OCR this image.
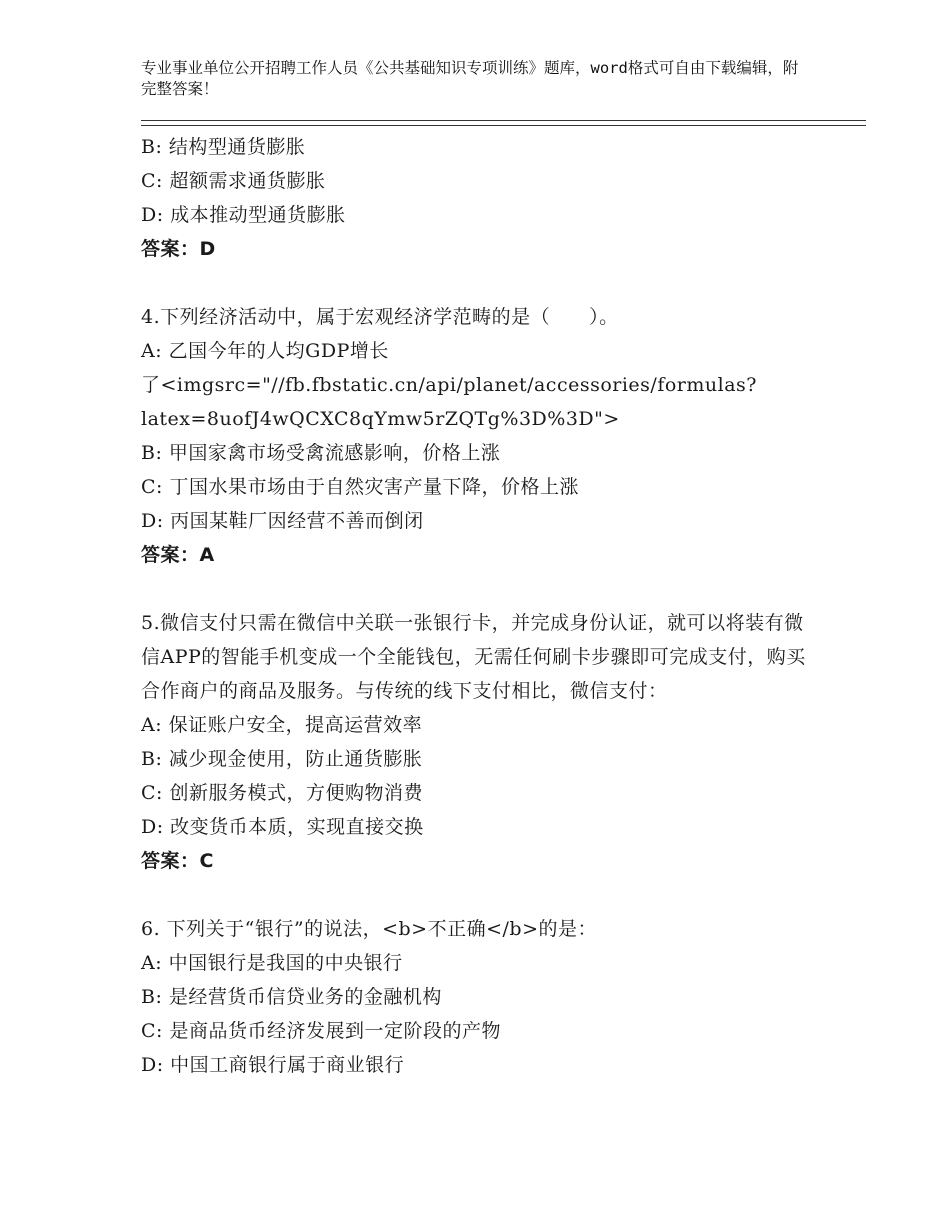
专业事业单位公开招聘工作人员《公共基础知识专项训练》题库，word格式可自由下载编辑，附完整答案！
B: 结构型通货膨胀
C: 超额需求通货膨胀
D: 成本推动型通货膨胀
答案：D
4.下列经济活动中，属于宏观经济学范畴的是（　　）。
A: 乙国今年的人均GDP增长
了<imgsrc="//fb.fbstatic.cn/api/planet/accessories/formulas?
latex=8uofJ4wQCXC8qYmw5rZQTg%3D%3D">
B: 甲国家禽市场受禽流感影响，价格上涨
C: 丁国水果市场由于自然灾害产量下降，价格上涨
D: 丙国某鞋厂因经营不善而倒闭
答案：A
5.微信支付只需在微信中关联一张银行卡，并完成身份认证，就可以将装有微信APP的智能手机变成一个全能钱包，无需任何刷卡步骤即可完成支付，购买合作商户的商品及服务。与传统的线下支付相比，微信支付：
A: 保证账户安全，提高运营效率
B: 减少现金使用，防止通货膨胀
C: 创新服务模式，方便购物消费
D: 改变货币本质，实现直接交换
答案：C
6. 下列关于“银行”的说法，<b>不正确</b>的是：
A: 中国银行是我国的中央银行
B: 是经营货币信贷业务的金融机构
C: 是商品货币经济发展到一定阶段的产物
D: 中国工商银行属于商业银行
